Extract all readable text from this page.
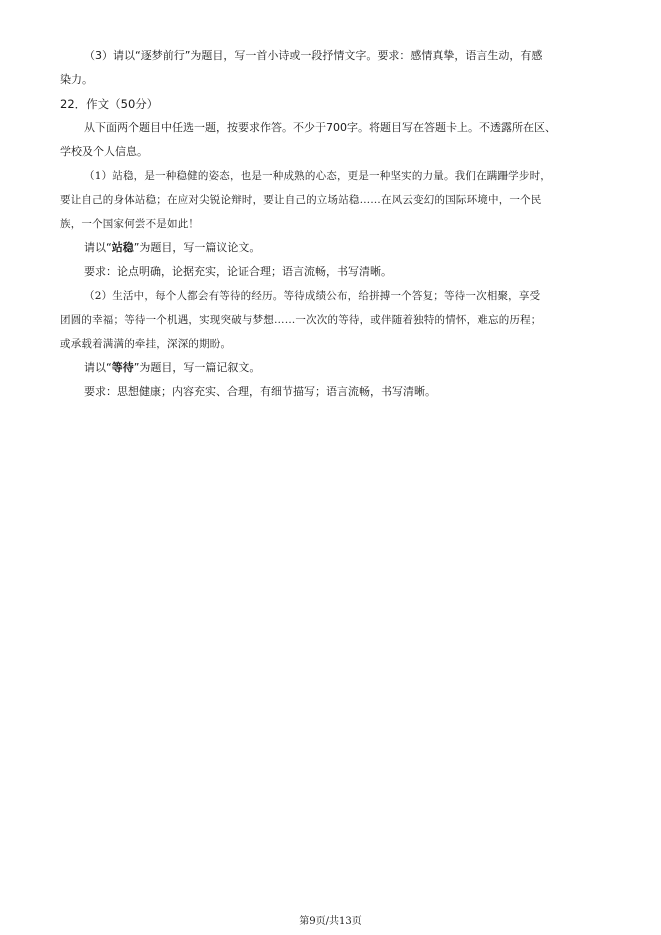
（3）请以“逐梦前行”为题目，写一首小诗或一段抒情文字。要求：感情真挚，语言生动，有感

染力。

22．作文（50分）

从下面两个题目中任选一题，按要求作答。不少于700字。将题目写在答题卡上。不透露所在区、

学校及个人信息。

（1）站稳，是一种稳健的姿态，也是一种成熟的心态，更是一种坚实的力量。我们在蹒跚学步时，

要让自己的身体站稳；在应对尖锐论辩时，要让自己的立场站稳……在风云变幻的国际环境中，一个民

族，一个国家何尝不是如此！

请以“站稳”为题目，写一篇议论文。

要求：论点明确，论据充实，论证合理；语言流畅，书写清晰。

（2）生活中，每个人都会有等待的经历。等待成绩公布，给拼搏一个答复；等待一次相聚，享受

团圆的幸福；等待一个机遇，实现突破与梦想……一次次的等待，或伴随着独特的情怀，难忘的历程；

或承载着满满的牵挂，深深的期盼。

请以“等待”为题目，写一篇记叙文。

要求：思想健康；内容充实、合理，有细节描写；语言流畅，书写清晰。

第9页/共13页
